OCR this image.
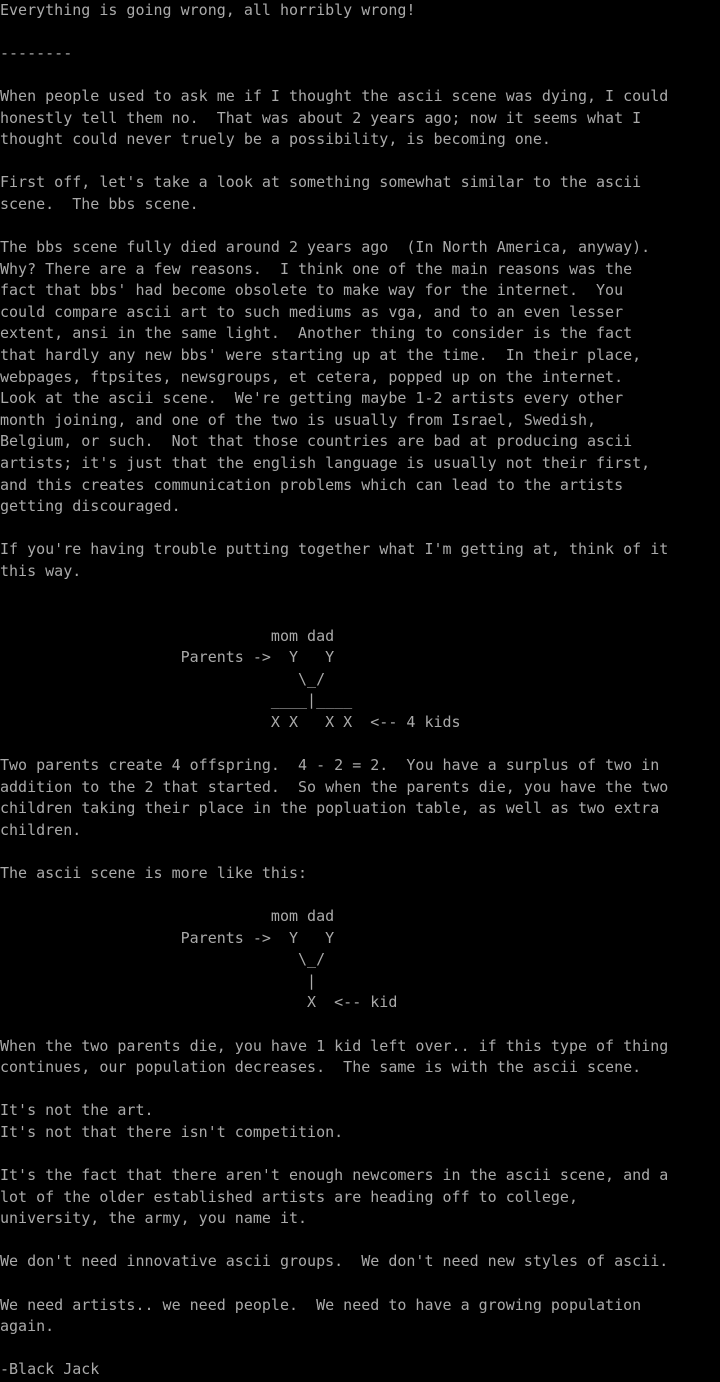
Everything is going wrong, all horribly wrong!
--------
When people used to ask me if I thought the ascii scene was dying, I could
honestly tell them no.  That was about 2 years ago; now it seems what I
thought could never truely be a possibility, is becoming one.
First off, let's take a look at something somewhat similar to the ascii
scene.  The bbs scene.
The bbs scene fully died around 2 years ago  (In North America, anyway).
Why? There are a few reasons.  I think one of the main reasons was the
fact that bbs' had become obsolete to make way for the internet.  You
could compare ascii art to such mediums as vga, and to an even lesser
extent, ansi in the same light.  Another thing to consider is the fact
that hardly any new bbs' were starting up at the time.  In their place,
webpages, ftpsites, newsgroups, et cetera, popped up on the internet.
Look at the ascii scene.  We're getting maybe 1-2 artists every other
month joining, and one of the two is usually from Israel, Swedish,
Belgium, or such.  Not that those countries are bad at producing ascii
artists; it's just that the english language is usually not their first,
and this creates communication problems which can lead to the artists
getting discouraged.
If you're having trouble putting together what I'm getting at, think of it
this way.
mom dad
Parents ->  Y   Y
\_/
____|____
X X   X X  <-- 4 kids
Two parents create 4 offspring.  4 - 2 = 2.  You have a surplus of two in
addition to the 2 that started.  So when the parents die, you have the two
children taking their place in the popluation table, as well as two extra
children.
The ascii scene is more like this:
mom dad
Parents ->  Y   Y
\_/
|
X  <-- kid
When the two parents die, you have 1 kid left over.. if this type of thing
continues, our population decreases.  The same is with the ascii scene.
It's not the art.
It's not that there isn't competition.
It's the fact that there aren't enough newcomers in the ascii scene, and a
lot of the older established artists are heading off to college,
university, the army, you name it.
We don't need innovative ascii groups.  We don't need new styles of ascii.
We need artists.. we need people.  We need to have a growing population
again.
-Black Jack
